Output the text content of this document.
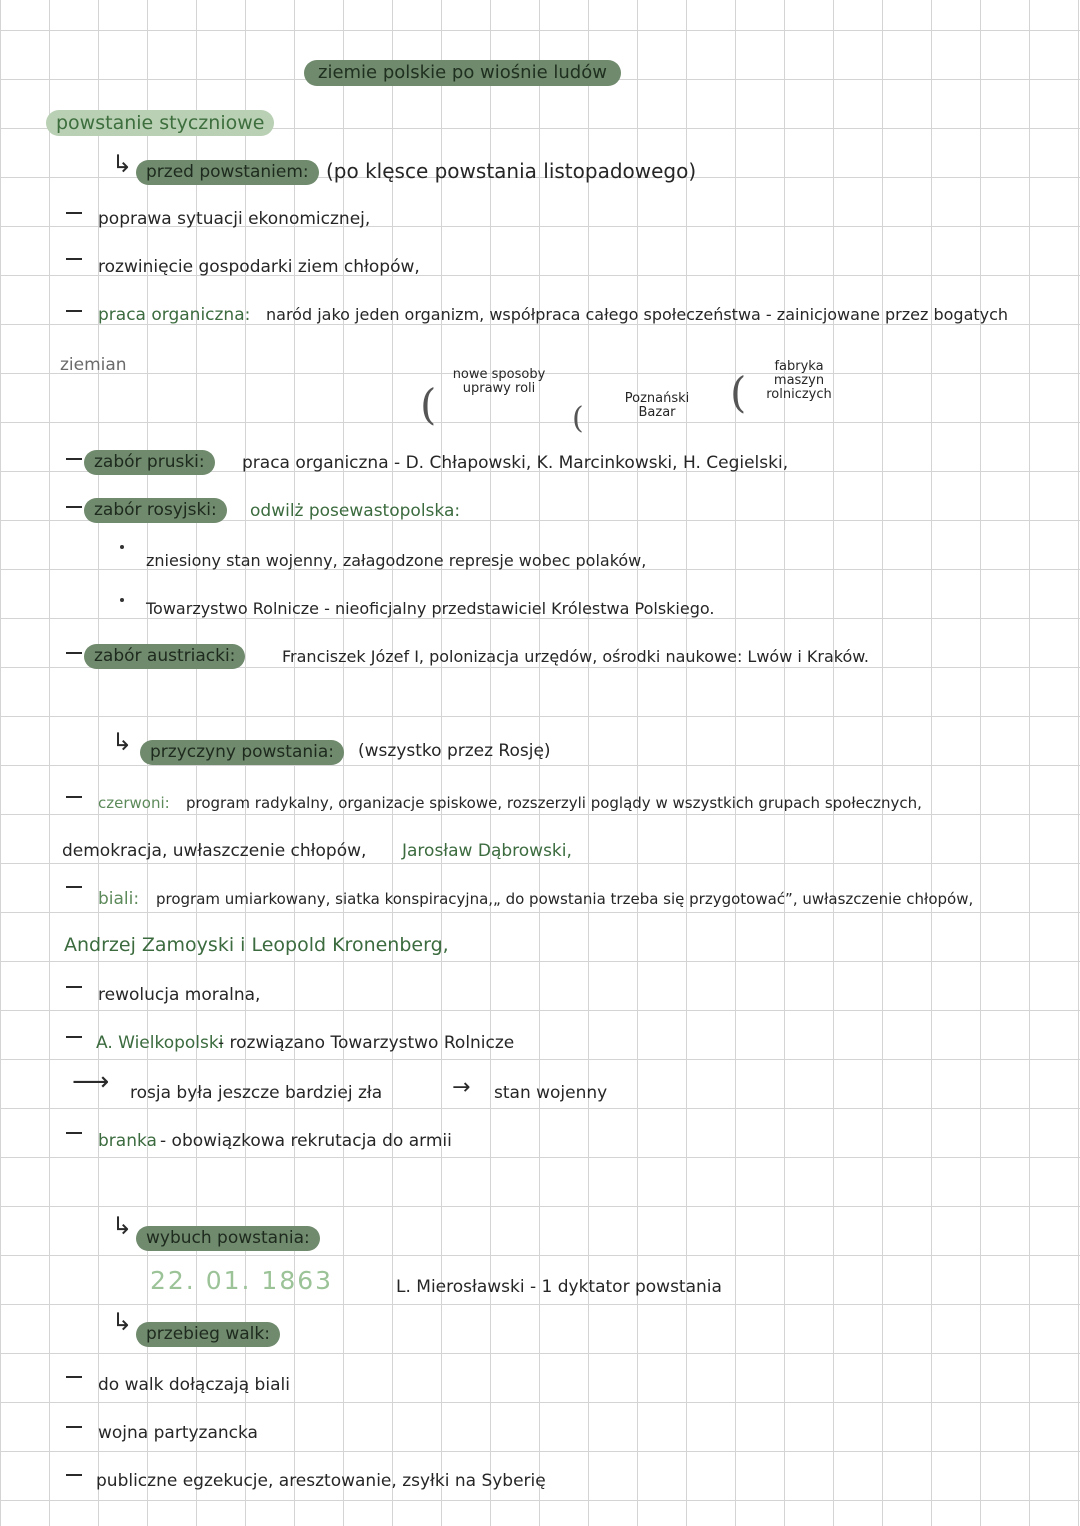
ziemie polskie po wiośnie ludów
powstanie styczniowe
↳ przed powstaniem: (po klęsce powstania listopadowego)
poprawa sytuacji ekonomicznej,
rozwinięcie gospodarki ziem chłopów,
praca organiczna: naród jako jeden organizm, współpraca całego społeczeństwa - zainicjowane przez bogatych
ziemian
(
nowe sposoby uprawy roli
(
Poznański Bazar	(
fabryka maszyn rolniczych
zabór pruski:	praca organiczna - D. Chłapowski, K. Marcinkowski, H. Cegielski,
zabór rosyjski:	odwilż posewastopolska:
zniesiony stan wojenny, załagodzone represje wobec polaków,
Towarzystwo Rolnicze - nieoficjalny przedstawiciel Królestwa Polskiego.
zabór austriacki:	Franciszek Józef I, polonizacja urzędów, ośrodki naukowe: Lwów i Kraków.
↳	przyczyny powstania:	(wszystko przez Rosję)
czerwoni: program radykalny, organizacje spiskowe, rozszerzyli poglądy w wszystkich grupach społecznych,
demokracja, uwłaszczenie chłopów, Jarosław Dąbrowski,
biali: program umiarkowany, siatka konspiracyjna,„ do powstania trzeba się przygotować”, uwłaszczenie chłopów,
Andrzej Zamoyski i Leopold Kronenberg,
rewolucja moralna,
A. Wielkopolski
- rozwiązano Towarzystwo Rolnicze
⟶ rosja była jeszcze bardziej zła	→ stan wojenny
branka - obowiązkowa rekrutacja do armii
↳ wybuch powstania:
22. 01. 1863	L. Mierosławski - 1 dyktator powstania
↳ przebieg walk:
do walk dołączają biali
wojna partyzancka
publiczne egzekucje, aresztowanie, zsyłki na Syberię
